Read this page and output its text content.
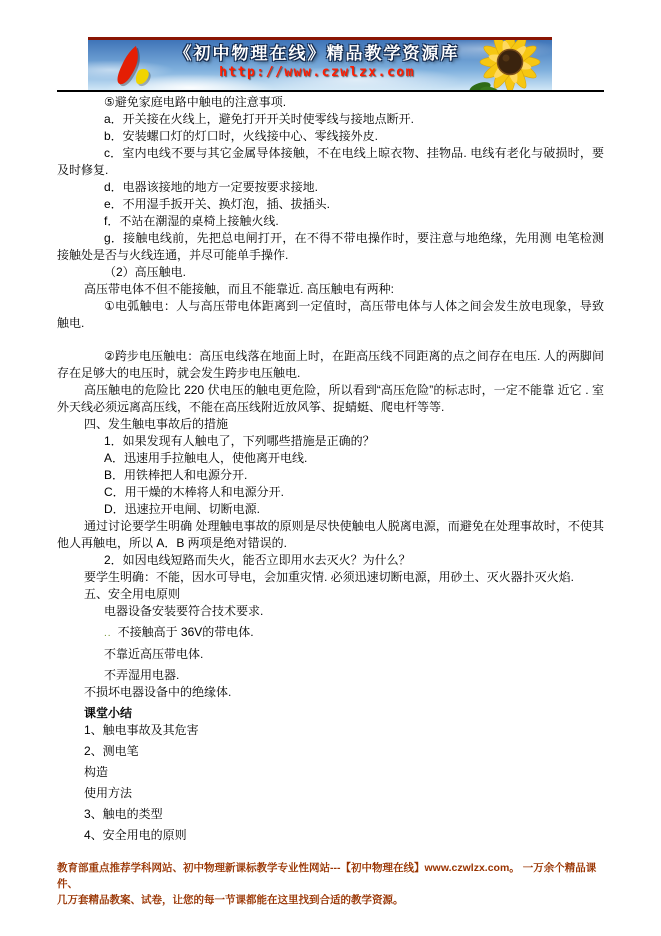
《初中物理在线》精品教学资源库
http://www.czwlzx.com

⑤避免家庭电路中触电的注意事项.

a．开关接在火线上，避免打开开关时使零线与接地点断开.

b．安装螺口灯的灯口时，火线接中心、零线接外皮.

c．室内电线不要与其它金属导体接触，不在电线上晾衣物、挂物品. 电线有老化与破损时，要及时修复.

d．电器该接地的地方一定要按要求接地.

e．不用湿手扳开关、换灯泡，插、拔插头.

f．不站在潮湿的桌椅上接触火线.

g．接触电线前，先把总电闸打开，在不得不带电操作时，要注意与地绝缘，先用测 电笔检测接触处是否与火线连通，并尽可能单手操作.

（2）高压触电.

高压带电体不但不能接触，而且不能靠近. 高压触电有两种:

①电弧触电：人与高压带电体距离到一定值时，高压带电体与人体之间会发生放电现象，导致触电.

②跨步电压触电：高压电线落在地面上时，在距高压线不同距离的点之间存在电压. 人的两脚间存在足够大的电压时，就会发生跨步电压触电.

高压触电的危险比 220 伏电压的触电更危险，所以看到“高压危险”的标志时，一定不能靠 近它 . 室外天线必须远离高压线，不能在高压线附近放风筝、捉蜻蜓、爬电杆等等.

四、发生触电事故后的措施

1．如果发现有人触电了，下列哪些措施是正确的？

A．迅速用手拉触电人，使他离开电线.

B．用铁棒把人和电源分开.

C．用干燥的木棒将人和电源分开.

D．迅速拉开电闸、切断电源.

通过讨论要学生明确 处理触电事故的原则是尽快使触电人脱离电源，而避免在处理事故时，不使其他人再触电，所以 A．B 两项是绝对错误的.

2．如因电线短路而失火，能否立即用水去灭火？为什么？

要学生明确：不能，因水可导电，会加重灾情. 必须迅速切断电源，用砂土、灭火器扑灭火焰.

五、安全用电原则

电器设备安装要符合技术要求.

.. 不接触高于 36V的带电体.

不靠近高压带电体.

不弄湿用电器.

不损坏电器设备中的绝缘体.

课堂小结

1、触电事故及其危害

2、测电笔

构造

使用方法

3、触电的类型

4、安全用电的原则

教育部重点推荐学科网站、初中物理新课标教学专业性网站---【初中物理在线】www.czwlzx.com。 一万余个精品课件、
几万套精品教案、试卷，让您的每一节课都能在这里找到合适的教学资源。
